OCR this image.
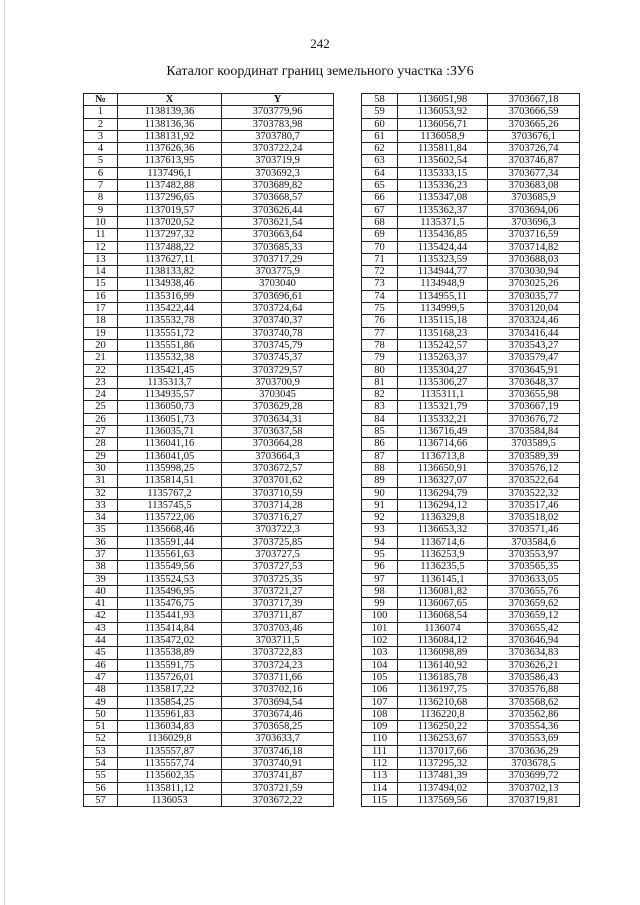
242
Каталог координат границ земельного участка :ЗУ6
№	X	Y
1	1138139,36	3703779,96
2	1138136,36	3703783,98
3	1138131,92	3703780,7
4	1137626,36	3703722,24
5	1137613,95	3703719,9
6	1137496,1	3703692,3
7	1137482,88	3703689,82
8	1137296,65	3703668,57
9	1137019,57	3703626,44
10	1137020,52	3703621,54
11	1137297,32	3703663,64
12	1137488,22	3703685,33
13	1137627,11	3703717,29
14	1138133,82	3703775,9
15	1134938,46	3703040
16	1135316,99	3703696,61
17	1135422,44	3703724,64
18	1135532,78	3703740,37
19	1135551,72	3703740,78
20	1135551,86	3703745,79
21	1135532,38	3703745,37
22	1135421,45	3703729,57
23	1135313,7	3703700,9
24	1134935,57	3703045
25	1136050,73	3703629,28
26	1136051,73	3703634,31
27	1136035,71	3703637,58
28	1136041,16	3703664,28
29	1136041,05	3703664,3
30	1135998,25	3703672,57
31	1135814,51	3703701,62
32	1135767,2	3703710,59
33	1135745,5	3703714,28
34	1135722,06	3703716,27
35	1135668,46	3703722,3
36	1135591,44	3703725,85
37	1135561,63	3703727,5
38	1135549,56	3703727,53
39	1135524,53	3703725,35
40	1135496,95	3703721,27
41	1135476,75	3703717,39
42	1135441,93	3703711,87
43	1135414,84	3703703,46
44	1135472,02	3703711,5
45	1135538,89	3703722,83
46	1135591,75	3703724,23
47	1135726,01	3703711,66
48	1135817,22	3703702,16
49	1135854,25	3703694,54
50	1135961,83	3703674,46
51	1136034,83	3703658,25
52	1136029,8	3703633,7
53	1135557,87	3703746,18
54	1135557,74	3703740,91
55	1135602,35	3703741,87
56	1135811,12	3703721,59
57	1136053	3703672,22
58	1136051,98	3703667,18
59	1136053,92	3703666,59
60	1136056,71	3703665,26
61	1136058,9	3703676,1
62	1135811,84	3703726,74
63	1135602,54	3703746,87
64	1135333,15	3703677,34
65	1135336,23	3703683,08
66	1135347,08	3703685,9
67	1135362,37	3703694,06
68	1135371,5	3703696,3
69	1135436,85	3703716,59
70	1135424,44	3703714,82
71	1135323,59	3703688,03
72	1134944,77	3703030,94
73	1134948,9	3703025,26
74	1134955,11	3703035,77
75	1134999,5	3703120,04
76	1135115,18	3703324,46
77	1135168,23	3703416,44
78	1135242,57	3703543,27
79	1135263,37	3703579,47
80	1135304,27	3703645,91
81	1135306,27	3703648,37
82	1135311,1	3703655,98
83	1135321,79	3703667,19
84	1135332,21	3703676,72
85	1136716,49	3703584,84
86	1136714,66	3703589,5
87	1136713,8	3703589,39
88	1136650,91	3703576,12
89	1136327,07	3703522,64
90	1136294,79	3703522,32
91	1136294,12	3703517,46
92	1136329,8	3703518,02
93	1136653,32	3703571,46
94	1136714,6	3703584,6
95	1136253,9	3703553,97
96	1136235,5	3703565,35
97	1136145,1	3703633,05
98	1136081,82	3703655,76
99	1136067,65	3703659,62
100	1136068,54	3703659,12
101	1136074	3703655,42
102	1136084,12	3703646,94
103	1136098,89	3703634,83
104	1136140,92	3703626,21
105	1136185,78	3703586,43
106	1136197,75	3703576,88
107	1136210,68	3703568,62
108	1136220,8	3703562,86
109	1136250,22	3703554,36
110	1136253,67	3703553,69
111	1137017,66	3703636,29
112	1137295,32	3703678,5
113	1137481,39	3703699,72
114	1137494,02	3703702,13
115	1137569,56	3703719,81
